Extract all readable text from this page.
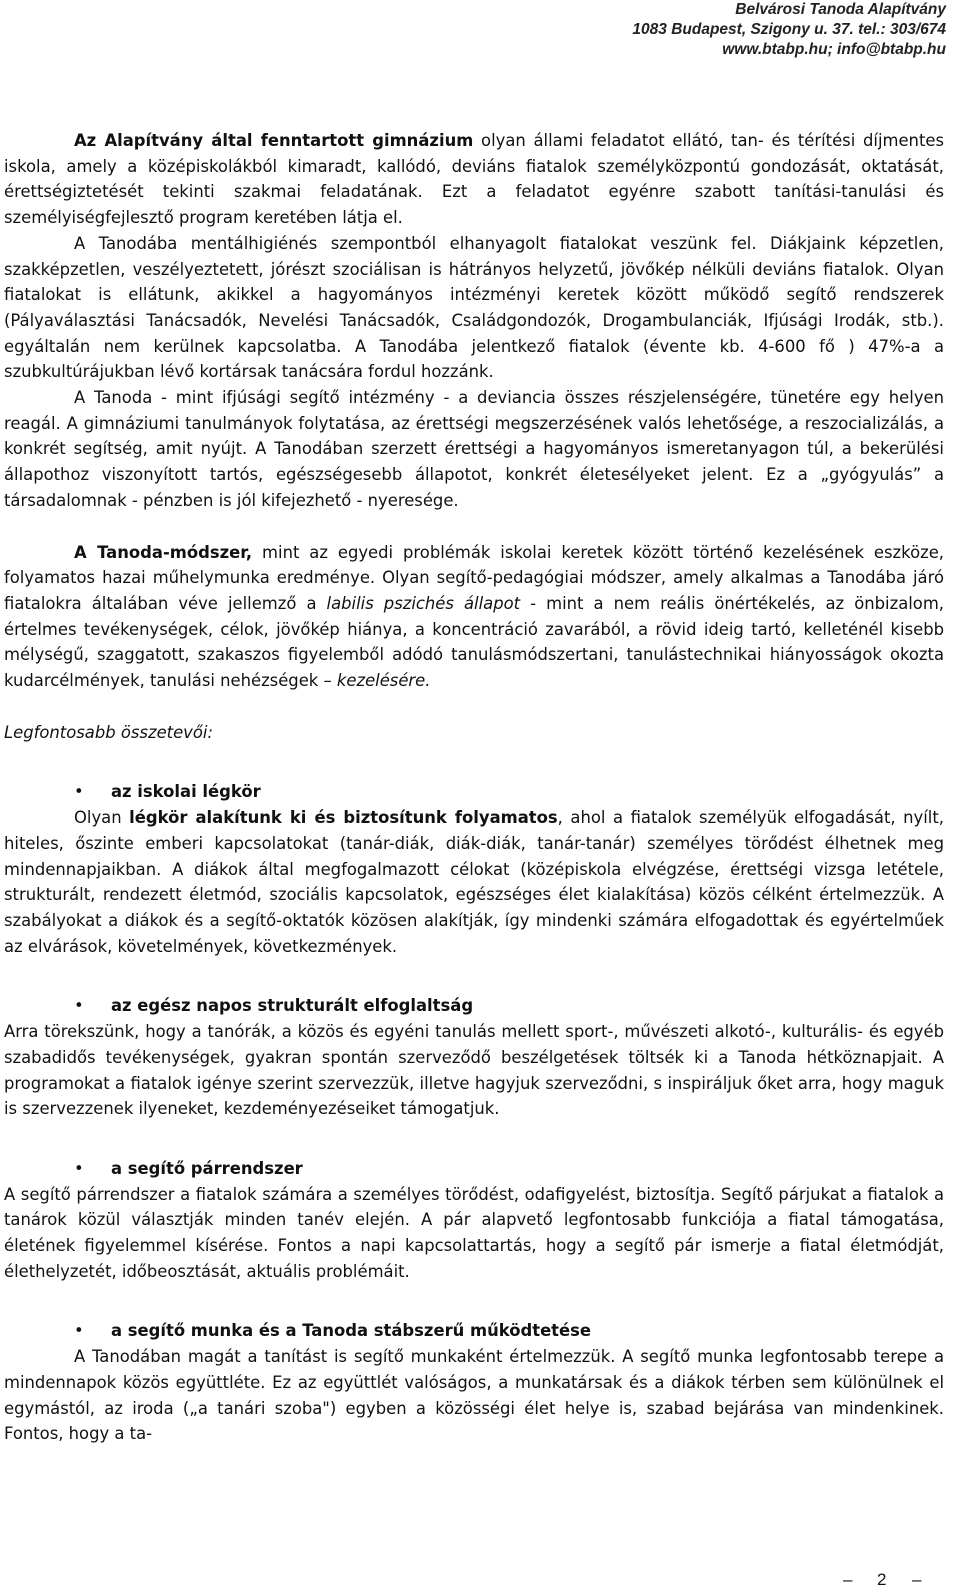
Belvárosi Tanoda Alapítvány
1083 Budapest, Szigony u. 37. tel.: 303/674
www.btabp.hu; info@btabp.hu

Az Alapítvány által fenntartott gimnázium olyan állami feladatot ellátó, tan- és térítési díjmentes iskola, amely a középiskolákból kimaradt, kallódó, deviáns fiatalok személyközpontú gondozását, oktatását, érettségiztetését tekinti szakmai feladatának. Ezt a feladatot egyénre szabott tanítási-tanulási és személyiségfejlesztő program keretében látja el.

A Tanodába mentálhigiénés szempontból elhanyagolt fiatalokat veszünk fel. Diákjaink képzetlen, szakképzetlen, veszélyeztetett, jórészt szociálisan is hátrányos helyzetű, jövőkép nélküli deviáns fiatalok. Olyan fiatalokat is ellátunk, akikkel a hagyományos intézményi keretek között működő segítő rendszerek (Pályaválasztási Tanácsadók, Nevelési Tanácsadók, Családgondozók, Drogambulanciák, Ifjúsági Irodák, stb.). egyáltalán nem kerülnek kapcsolatba. A Tanodába jelentkező fiatalok (évente kb. 4-600 fő ) 47%-a a szubkultúrájukban lévő kortársak tanácsára fordul hozzánk.

A Tanoda - mint ifjúsági segítő intézmény - a deviancia összes részjelenségére, tünetére egy helyen reagál. A gimnáziumi tanulmányok folytatása, az érettségi megszerzésének valós lehetősége, a reszocializálás, a konkrét segítség, amit nyújt. A Tanodában szerzett érettségi a hagyományos ismeretanyagon túl, a bekerülési állapothoz viszonyított tartós, egészségesebb állapotot, konkrét életesélyeket jelent. Ez a „gyógyulás” a társadalomnak - pénzben is jól kifejezhető - nyeresége.

A Tanoda-módszer, mint az egyedi problémák iskolai keretek között történő kezelésének eszköze, folyamatos hazai műhelymunka eredménye. Olyan segítő-pedagógiai módszer, amely alkalmas a Tanodába járó fiatalokra általában véve jellemző a labilis pszichés állapot - mint a nem reális önértékelés, az önbizalom, értelmes tevékenységek, célok, jövőkép hiánya, a koncentráció zavarából, a rövid ideig tartó, kelleténél kisebb mélységű, szaggatott, szakaszos figyelemből adódó tanulásmódszertani, tanulástechnikai hiányosságok okozta kudarcélmények, tanulási nehézségek – kezelésére.

Legfontosabb összetevői:

• az iskolai légkör

Olyan légkör alakítunk ki és biztosítunk folyamatos, ahol a fiatalok személyük elfogadását, nyílt, hiteles, őszinte emberi kapcsolatokat (tanár-diák, diák-diák, tanár-tanár) személyes törődést élhetnek meg mindennapjaikban. A diákok által megfogalmazott célokat (középiskola elvégzése, érettségi vizsga letétele, strukturált, rendezett életmód, szociális kapcsolatok, egészséges élet kialakítása) közös célként értelmezzük. A szabályokat a diákok és a segítő-oktatók közösen alakítják, így mindenki számára elfogadottak és egyértelműek az elvárások, követelmények, következmények.

• az egész napos strukturált elfoglaltság

Arra törekszünk, hogy a tanórák, a közös és egyéni tanulás mellett sport-, művészeti alkotó-, kulturális- és egyéb szabadidős tevékenységek, gyakran spontán szerveződő beszélgetések töltsék ki a Tanoda hétköznapjait. A programokat a fiatalok igénye szerint szervezzük, illetve hagyjuk szerveződni, s inspiráljuk őket arra, hogy maguk is szervezzenek ilyeneket, kezdeményezéseiket támogatjuk.

• a segítő párrendszer

A segítő párrendszer a fiatalok számára a személyes törődést, odafigyelést, biztosítja. Segítő párjukat a fiatalok a tanárok közül választják minden tanév elején. A pár alapvető legfontosabb funkciója a fiatal támogatása, életének figyelemmel kísérése. Fontos a napi kapcsolattartás, hogy a segítő pár ismerje a fiatal életmódját, élethelyzetét, időbeosztását, aktuális problémáit.

• a segítő munka és a Tanoda stábszerű működtetése

A Tanodában magát a tanítást is segítő munkaként értelmezzük. A segítő munka legfontosabb terepe a mindennapok közös együttléte. Ez az együttlét valóságos, a munkatársak és a diákok térben sem különülnek el egymástól, az iroda („a tanári szoba") egyben a közösségi élet helye is, szabad bejárása van mindenkinek. Fontos, hogy a ta-

– 2 –
